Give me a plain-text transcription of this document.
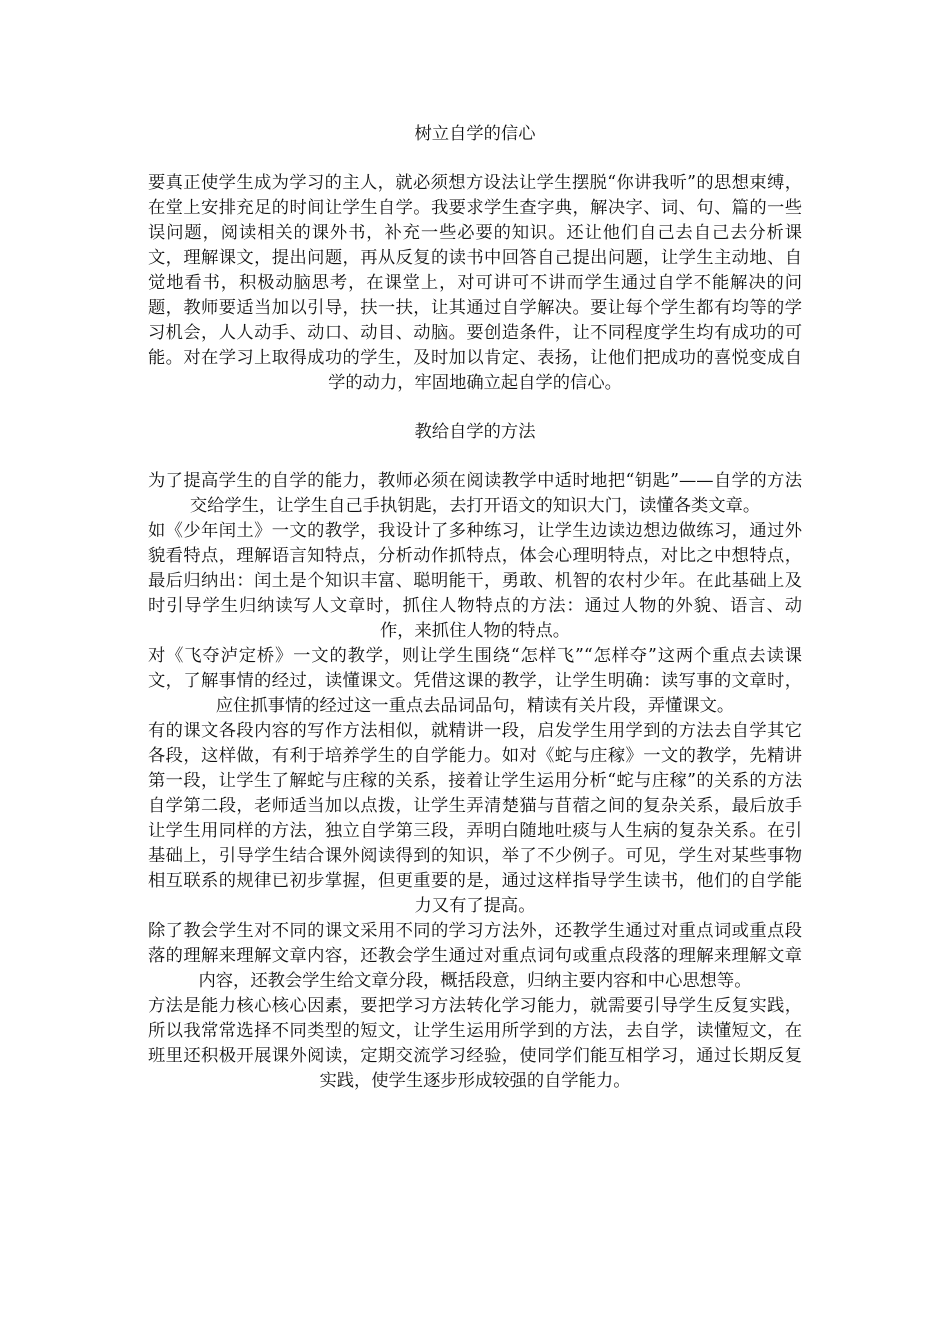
树立自学的信心

要真正使学生成为学习的主人，就必须想方设法让学生摆脱“你讲我听”的思想束缚，在堂上安排充足的时间让学生自学。我要求学生查字典，解决字、词、句、篇的一些误问题，阅读相关的课外书，补充一些必要的知识。还让他们自己去自己去分析课文，理解课文，提出问题，再从反复的读书中回答自己提出问题，让学生主动地、自觉地看书，积极动脑思考，在课堂上，对可讲可不讲而学生通过自学不能解决的问题，教师要适当加以引导，扶一扶，让其通过自学解决。要让每个学生都有均等的学习机会，人人动手、动口、动目、动脑。要创造条件，让不同程度学生均有成功的可能。对在学习上取得成功的学生，及时加以肯定、表扬，让他们把成功的喜悦变成自学的动力，牢固地确立起自学的信心。

教给自学的方法

为了提高学生的自学的能力，教师必须在阅读教学中适时地把“钥匙”——自学的方法交给学生，让学生自己手执钥匙，去打开语文的知识大门，读懂各类文章。

如《少年闰土》一文的教学，我设计了多种练习，让学生边读边想边做练习，通过外貌看特点，理解语言知特点，分析动作抓特点，体会心理明特点，对比之中想特点，最后归纳出：闰土是个知识丰富、聪明能干，勇敢、机智的农村少年。在此基础上及时引导学生归纳读写人文章时，抓住人物特点的方法：通过人物的外貌、语言、动作，来抓住人物的特点。

对《飞夺泸定桥》一文的教学，则让学生围绕“怎样飞”“怎样夺”这两个重点去读课文，了解事情的经过，读懂课文。凭借这课的教学，让学生明确：读写事的文章时，应住抓事情的经过这一重点去品词品句，精读有关片段，弄懂课文。

有的课文各段内容的写作方法相似，就精讲一段，启发学生用学到的方法去自学其它各段，这样做，有利于培养学生的自学能力。如对《蛇与庄稼》一文的教学，先精讲第一段，让学生了解蛇与庄稼的关系，接着让学生运用分析“蛇与庄稼”的关系的方法自学第二段，老师适当加以点拨，让学生弄清楚猫与苜蓿之间的复杂关系，最后放手让学生用同样的方法，独立自学第三段，弄明白随地吐痰与人生病的复杂关系。在引基础上，引导学生结合课外阅读得到的知识，举了不少例子。可见，学生对某些事物相互联系的规律已初步掌握，但更重要的是，通过这样指导学生读书，他们的自学能力又有了提高。

除了教会学生对不同的课文采用不同的学习方法外，还教学生通过对重点词或重点段落的理解来理解文章内容，还教会学生通过对重点词句或重点段落的理解来理解文章内容，还教会学生给文章分段，概括段意，归纳主要内容和中心思想等。

方法是能力核心核心因素，要把学习方法转化学习能力，就需要引导学生反复实践，所以我常常选择不同类型的短文，让学生运用所学到的方法，去自学，读懂短文，在班里还积极开展课外阅读，定期交流学习经验，使同学们能互相学习，通过长期反复实践，使学生逐步形成较强的自学能力。
